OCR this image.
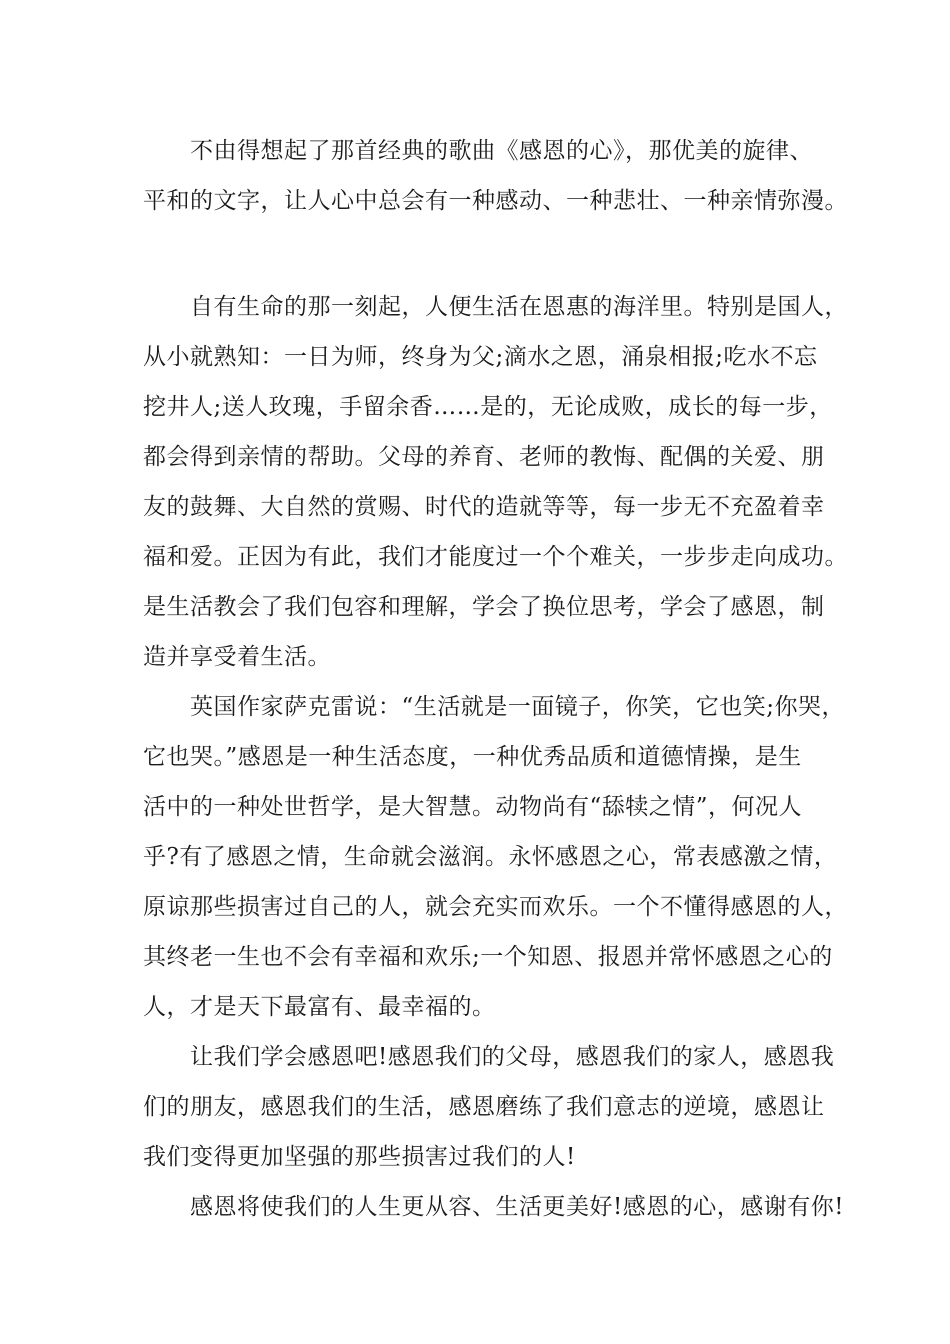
不由得想起了那首经典的歌曲《感恩的心》，那优美的旋律、
平和的文字，让人心中总会有一种感动、一种悲壮、一种亲情弥漫。
自有生命的那一刻起，人便生活在恩惠的海洋里。特别是国人，
从小就熟知：一日为师，终身为父;滴水之恩，涌泉相报;吃水不忘
挖井人;送人玫瑰，手留余香……是的，无论成败，成长的每一步，
都会得到亲情的帮助。父母的养育、老师的教悔、配偶的关爱、朋
友的鼓舞、大自然的赏赐、时代的造就等等，每一步无不充盈着幸
福和爱。正因为有此，我们才能度过一个个难关，一步步走向成功。
是生活教会了我们包容和理解，学会了换位思考，学会了感恩，制
造并享受着生活。
英国作家萨克雷说：“生活就是一面镜子，你笑，它也笑;你哭，
它也哭。”感恩是一种生活态度，一种优秀品质和道德情操，是生
活中的一种处世哲学，是大智慧。动物尚有“舔犊之情”，何况人
乎?有了感恩之情，生命就会滋润。永怀感恩之心，常表感激之情，
原谅那些损害过自己的人，就会充实而欢乐。一个不懂得感恩的人，
其终老一生也不会有幸福和欢乐;一个知恩、报恩并常怀感恩之心的
人，才是天下最富有、最幸福的。
让我们学会感恩吧!感恩我们的父母，感恩我们的家人，感恩我
们的朋友，感恩我们的生活，感恩磨练了我们意志的逆境，感恩让
我们变得更加坚强的那些损害过我们的人!
感恩将使我们的人生更从容、生活更美好!感恩的心，感谢有你!
